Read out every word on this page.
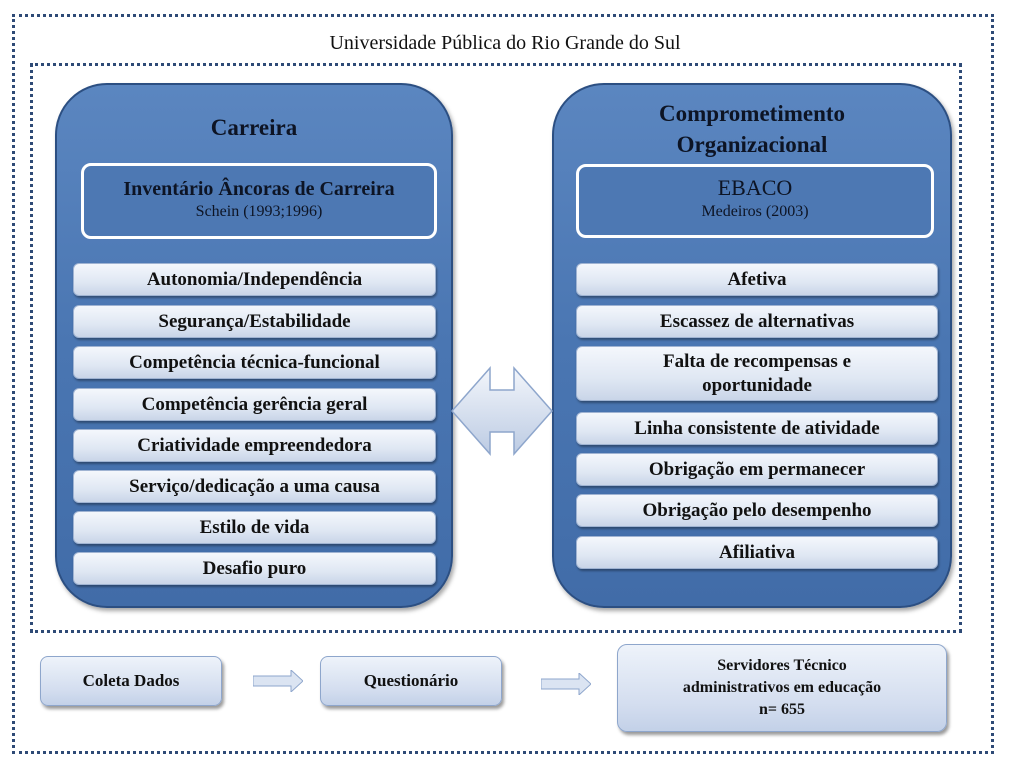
Universidade Pública do Rio Grande do Sul
Carreira
Inventário Âncoras de Carreira
Schein (1993;1996)
Autonomia/Independência
Segurança/Estabilidade
Competência técnica-funcional
Competência gerência geral
Criatividade empreendedora
Serviço/dedicação a uma causa
Estilo de vida
Desafio puro
Comprometimento
Organizacional
EBACO
Medeiros (2003)
Afetiva
Escassez de alternativas
Falta de recompensas e
oportunidade
Linha consistente de atividade
Obrigação em permanecer
Obrigação pelo desempenho
Afiliativa
Coleta Dados	Questionário
Servidores Técnico
administrativos em educação
n= 655
